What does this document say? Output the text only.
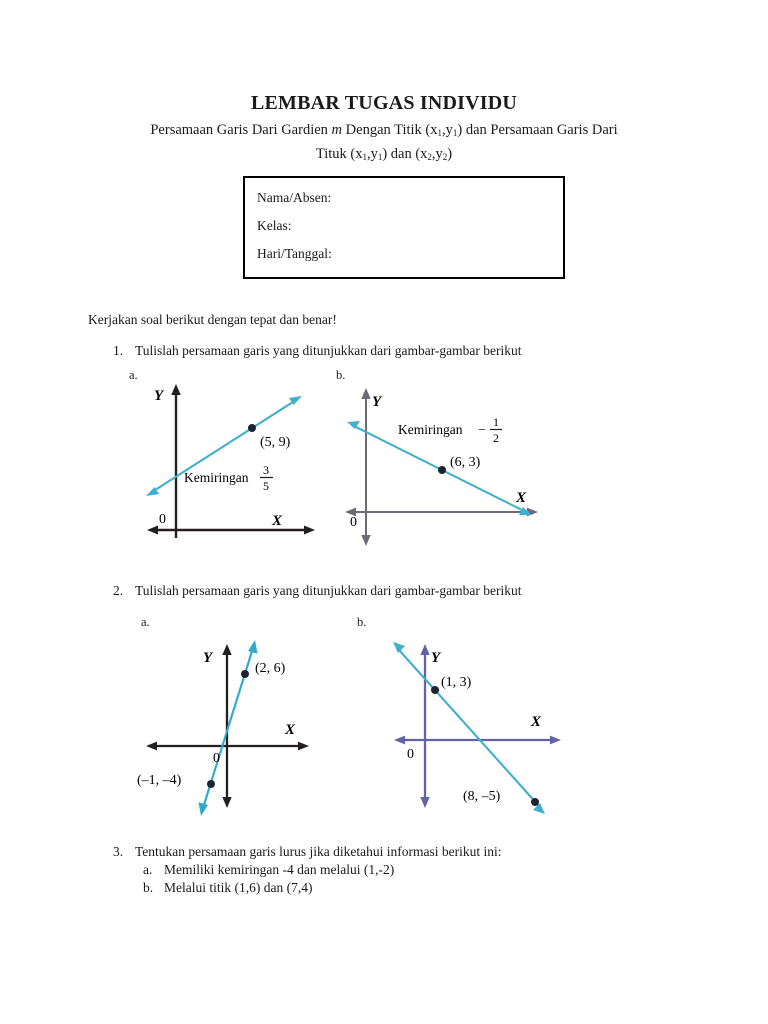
LEMBAR TUGAS INDIVIDU
Persamaan Garis Dari Gardien m Dengan Titik $(x_1,y_1)$ dan Persamaan Garis Dari
Tituk $(x_1,y_1)$ dan $(x_2,y_2)$
Nama/Absen:
Kelas:
Hari/Tanggal:
Kerjakan soal berikut dengan tepat dan benar!
1. Tulislah persamaan garis yang ditunjukkan dari gambar-gambar berikut
a.	b.
Y
X
0
(5, 9)
Kemiringan 3
5
Y
X
0
(6, 3)
Kemiringan − 1
2
2. Tulislah persamaan garis yang ditunjukkan dari gambar-gambar berikut
a.	b.
Y
X
0
(2, 6)
(–1, –4)
Y
X
0
(1, 3)
(8, –5)
3. Tentukan persamaan garis lurus jika diketahui informasi berikut ini:
a. Memiliki kemiringan -4 dan melalui (1,-2)
b. Melalui titik (1,6) dan (7,4)
